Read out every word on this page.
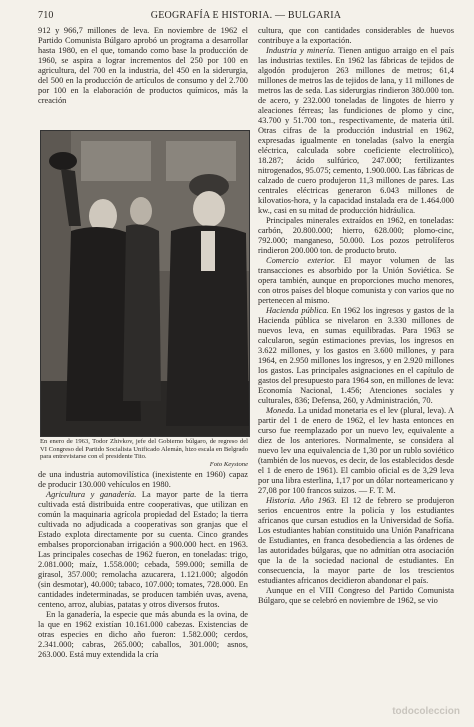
710	GEOGRAFÍA E HISTORIA. — BULGARIA

912 y 966,7 millones de leva. En noviembre de 1962 el Partido Comunista Búlgaro aprobó un programa a desarrollar hasta 1980, en el que, tomando como base la producción de 1960, se aspira a lograr incrementos del 250 por 100 en agricultura, del 700 en la industria, del 450 en la siderurgia, del 500 en la producción de artículos de consumo y del 2.700 por 100 en la elaboración de productos químicos, más la creación

En enero de 1963, Todor Zhivkov, jefe del Gobierno búlgaro, de regreso del VI Congreso del Partido Socialista Unificado Alemán, hizo escala en Belgrado para entrevistarse con el presidente Tito.
Foto Keystone

de una industria automovilística (inexistente en 1960) capaz de producir 130.000 vehículos en 1980.

Agricultura y ganadería. La mayor parte de la tierra cultivada está distribuida entre cooperativas, que utilizan en común la maquinaria agrícola propiedad del Estado; la tierra cultivada no adjudicada a cooperativas son granjas que el Estado explota directamente por su cuenta. Cinco grandes embalses proporcionaban irrigación a 900.000 hect. en 1963. Las principales cosechas de 1962 fueron, en toneladas: trigo, 2.081.000; maíz, 1.558.000; cebada, 599.000; semilla de girasol, 357.000; remolacha azucarera, 1.121.000; algodón (sin desmotar), 40.000; tabaco, 107.000; tomates, 728.000. En cantidades indeterminadas, se producen también uvas, avena, centeno, arroz, alubias, patatas y otros diversos frutos.

En la ganadería, la especie que más abunda es la ovina, de la que en 1962 existían 10.161.000 cabezas. Existencias de otras especies en dicho año fueron: 1.582.000; cerdos, 2.341.000; cabras, 265.000; caballos, 301.000; asnos, 263.000. Está muy extendida la cría

cultura, que con cantidades considerables de huevos contribuye a la exportación.

Industria y minería. Tienen antiguo arraigo en el país las industrias textiles. En 1962 las fábricas de tejidos de algodón produjeron 263 millones de metros; 61,4 millones de metros las de tejidos de lana, y 11 millones de metros las de seda. Las siderurgias rindieron 380.000 ton. de acero, y 232.000 toneladas de lingotes de hierro y aleaciones férreas; las fundiciones de plomo y cinc, 43.700 y 51.700 ton., respectivamente, de materia útil. Otras cifras de la producción industrial en 1962, expresadas igualmente en toneladas (salvo la energía eléctrica, calculada sobre coeficiente electrolítico), 18.287; ácido sulfúrico, 247.000; fertilizantes nitrogenados, 95.075; cemento, 1.900.000. Las fábricas de calzado de cuero produjeron 11,3 millones de pares. Las centrales eléctricas generaron 6.043 millones de kilovatios-hora, y la capacidad instalada era de 1.464.000 kw., casi en su mitad de producción hidráulica.

Principales minerales extraídos en 1962, en toneladas: carbón, 20.800.000; hierro, 628.000; plomo-cinc, 792.000; manganeso, 50.000. Los pozos petrolíferos rindieron 200.000 ton. de producto bruto.

Comercio exterior. El mayor volumen de las transacciones es absorbido por la Unión Soviética. Se opera también, aunque en proporciones mucho menores, con otros países del bloque comunista y con varios que no pertenecen al mismo.

Hacienda pública. En 1962 los ingresos y gastos de la Hacienda pública se nivelaron en 3.330 millones de nuevos leva, en sumas equilibradas. Para 1963 se calcularon, según estimaciones previas, los ingresos en 3.622 millones, y los gastos en 3.600 millones, y para 1964, en 2.950 millones los ingresos, y en 2.920 millones los gastos. Las principales asignaciones en el capítulo de gastos del presupuesto para 1964 son, en millones de leva: Economía Nacional, 1.456; Atenciones sociales y culturales, 836; Defensa, 260, y Administración, 70.

Moneda. La unidad monetaria es el lev (plural, leva). A partir del 1 de enero de 1962, el lev hasta entonces en curso fue reemplazado por un nuevo lev, equivalente a diez de los anteriores. Normalmente, se considera al nuevo lev una equivalencia de 1,30 por un rublo soviético (también de los nuevos, es decir, de los establecidos desde el 1 de enero de 1961). El cambio oficial es de 3,29 leva por una libra esterlina, 1,17 por un dólar norteamericano y 27,08 por 100 francos suizos. — F. T. M.

Historia. Año 1963. El 12 de febrero se produjeron serios encuentros entre la policía y los estudiantes africanos que cursan estudios en la Universidad de Sofía. Los estudiantes habían constituido una Unión Panafricana de Estudiantes, en franca desobediencia a las órdenes de las autoridades búlgaras, que no admitían otra asociación que la de la sociedad nacional de estudiantes. En consecuencia, la mayor parte de los trescientos estudiantes africanos decidieron abandonar el país.

Aunque en el VIII Congreso del Partido Comunista Búlgaro, que se celebró en noviembre de 1962, se vio

todocoleccion
